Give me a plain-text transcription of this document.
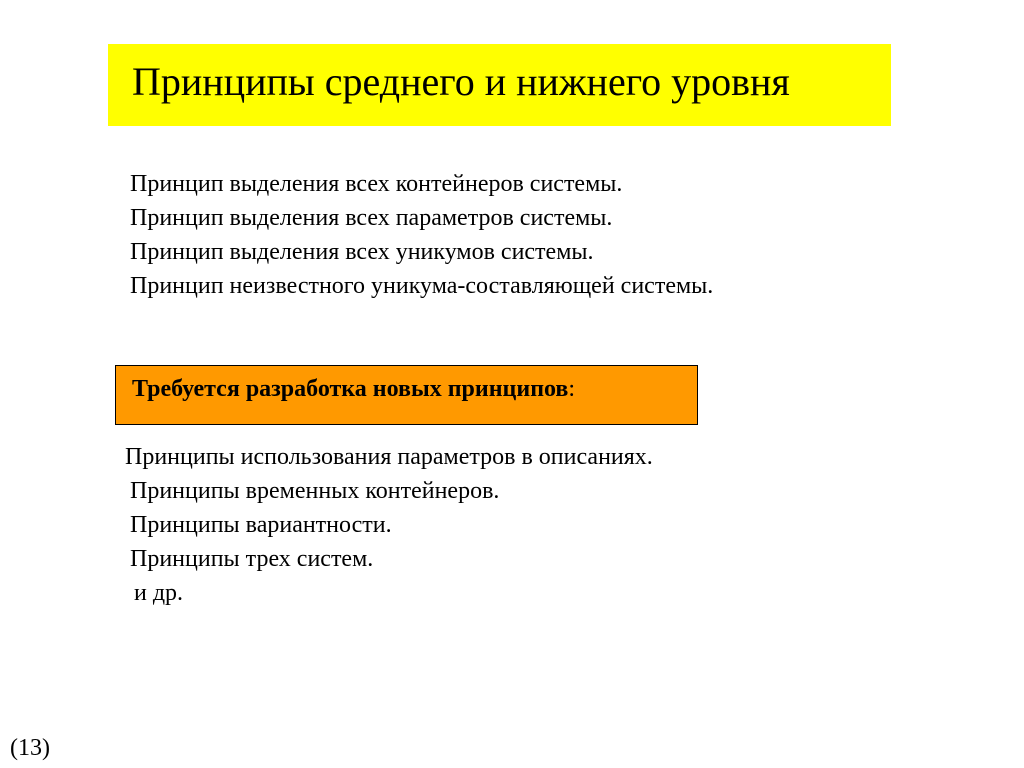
Принципы среднего и нижнего уровня
Принцип выделения всех контейнеров системы.
Принцип выделения всех параметров системы.
Принцип выделения всех уникумов системы.
Принцип неизвестного уникума-составляющей системы.
Требуется разработка новых принципов:
Принципы использования параметров в описаниях.
Принципы временных контейнеров.
Принципы вариантности.
Принципы трех систем.
и др.
(13)
